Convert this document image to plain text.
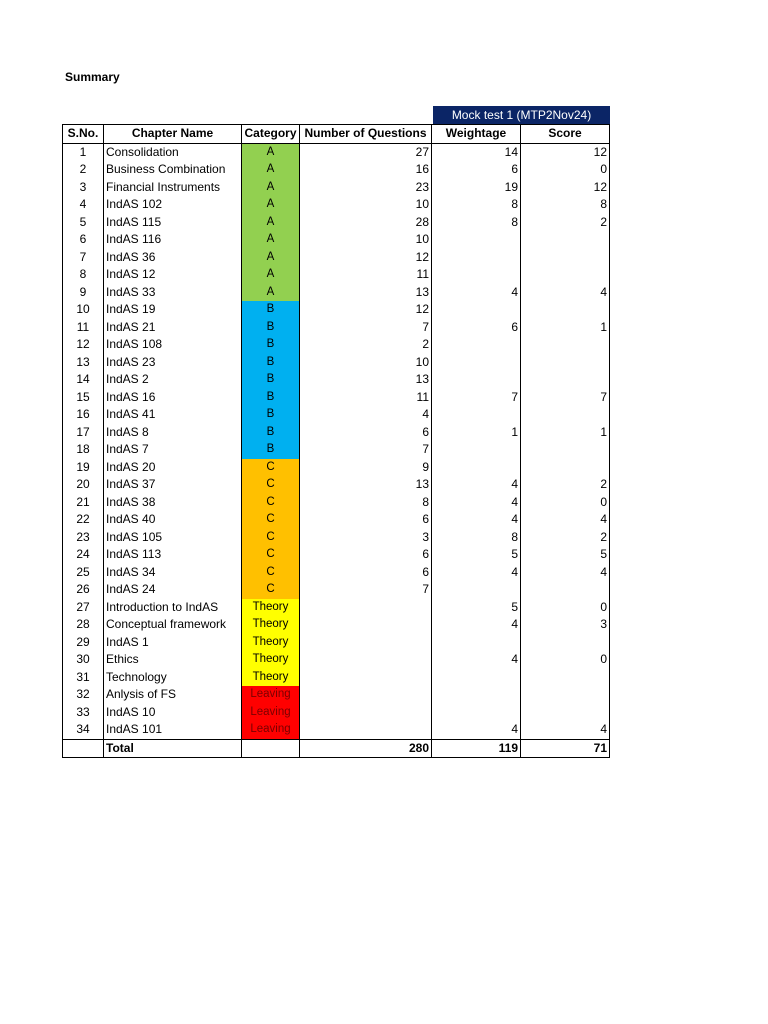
Summary
Mock test 1 (MTP2Nov24)
S.No.	Chapter Name	Category	Number of Questions	Weightage	Score
1	Consolidation	A	27	14	12
2	Business Combination	A	16	6	0
3	Financial Instruments	A	23	19	12
4	IndAS 102	A	10	8	8
5	IndAS 115	A	28	8	2
6	IndAS 116	A	10		
7	IndAS 36	A	12		
8	IndAS 12	A	11		
9	IndAS 33	A	13	4	4
10	IndAS 19	B	12		
11	IndAS 21	B	7	6	1
12	IndAS 108	B	2		
13	IndAS 23	B	10		
14	IndAS 2	B	13		
15	IndAS 16	B	11	7	7
16	IndAS 41	B	4		
17	IndAS 8	B	6	1	1
18	IndAS 7	B	7		
19	IndAS 20	C	9		
20	IndAS 37	C	13	4	2
21	IndAS 38	C	8	4	0
22	IndAS 40	C	6	4	4
23	IndAS 105	C	3	8	2
24	IndAS 113	C	6	5	5
25	IndAS 34	C	6	4	4
26	IndAS 24	C	7		
27	Introduction to IndAS	Theory		5	0
28	Conceptual framework	Theory		4	3
29	IndAS 1	Theory			
30	Ethics	Theory		4	0
31	Technology	Theory			
32	Anlysis of FS	Leaving			
33	IndAS 10	Leaving			
34	IndAS 101	Leaving		4	4
	Total		280	119	71
